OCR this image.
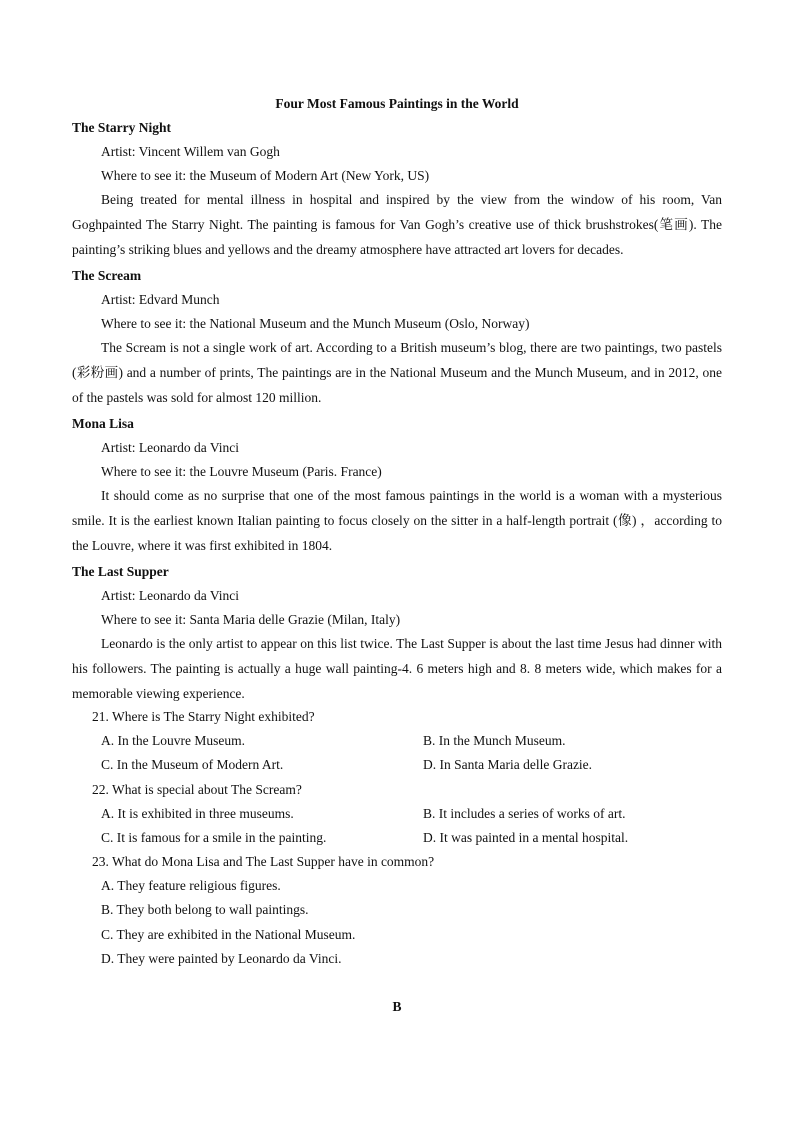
Four Most Famous Paintings in the World
The Starry Night
Artist: Vincent Willem van Gogh
Where to see it: the Museum of Modern Art (New York, US)

Being treated for mental illness in hospital and inspired by the view from the window of his room, Van Goghpainted The Starry Night. The painting is famous for Van Gogh’s creative use of thick brushstrokes(笔画). The painting’s striking blues and yellows and the dreamy atmosphere have attracted art lovers for decades.

The Scream
Artist: Edvard Munch
Where to see it: the National Museum and the Munch Museum (Oslo, Norway)

The Scream is not a single work of art. According to a British museum’s blog, there are two paintings, two pastels (彩粉画) and a number of prints, The paintings are in the National Museum and the Munch Museum, and in 2012, one of the pastels was sold for almost 120 million.

Mona Lisa
Artist: Leonardo da Vinci
Where to see it: the Louvre Museum (Paris. France)

It should come as no surprise that one of the most famous paintings in the world is a woman with a mysterious smile. It is the earliest known Italian painting to focus closely on the sitter in a half-length portrait (像) ，according to the Louvre, where it was first exhibited in 1804.

The Last Supper
Artist: Leonardo da Vinci
Where to see it: Santa Maria delle Grazie (Milan, Italy)

Leonardo is the only artist to appear on this list twice. The Last Supper is about the last time Jesus had dinner with his followers. The painting is actually a huge wall painting-4. 6 meters high and 8. 8 meters wide, which makes for a memorable viewing experience.

21. Where is The Starry Night exhibited?
A. In the Louvre Museum.	B. In the Munch Museum.
C. In the Museum of Modern Art.	D. In Santa Maria delle Grazie.
22. What is special about The Scream?
A. It is exhibited in three museums.	B. It includes a series of works of art.
C. It is famous for a smile in the painting.	D. It was painted in a mental hospital.
23. What do Mona Lisa and The Last Supper have in common?
A. They feature religious figures.
B. They both belong to wall paintings.
C. They are exhibited in the National Museum.
D. They were painted by Leonardo da Vinci.
B
